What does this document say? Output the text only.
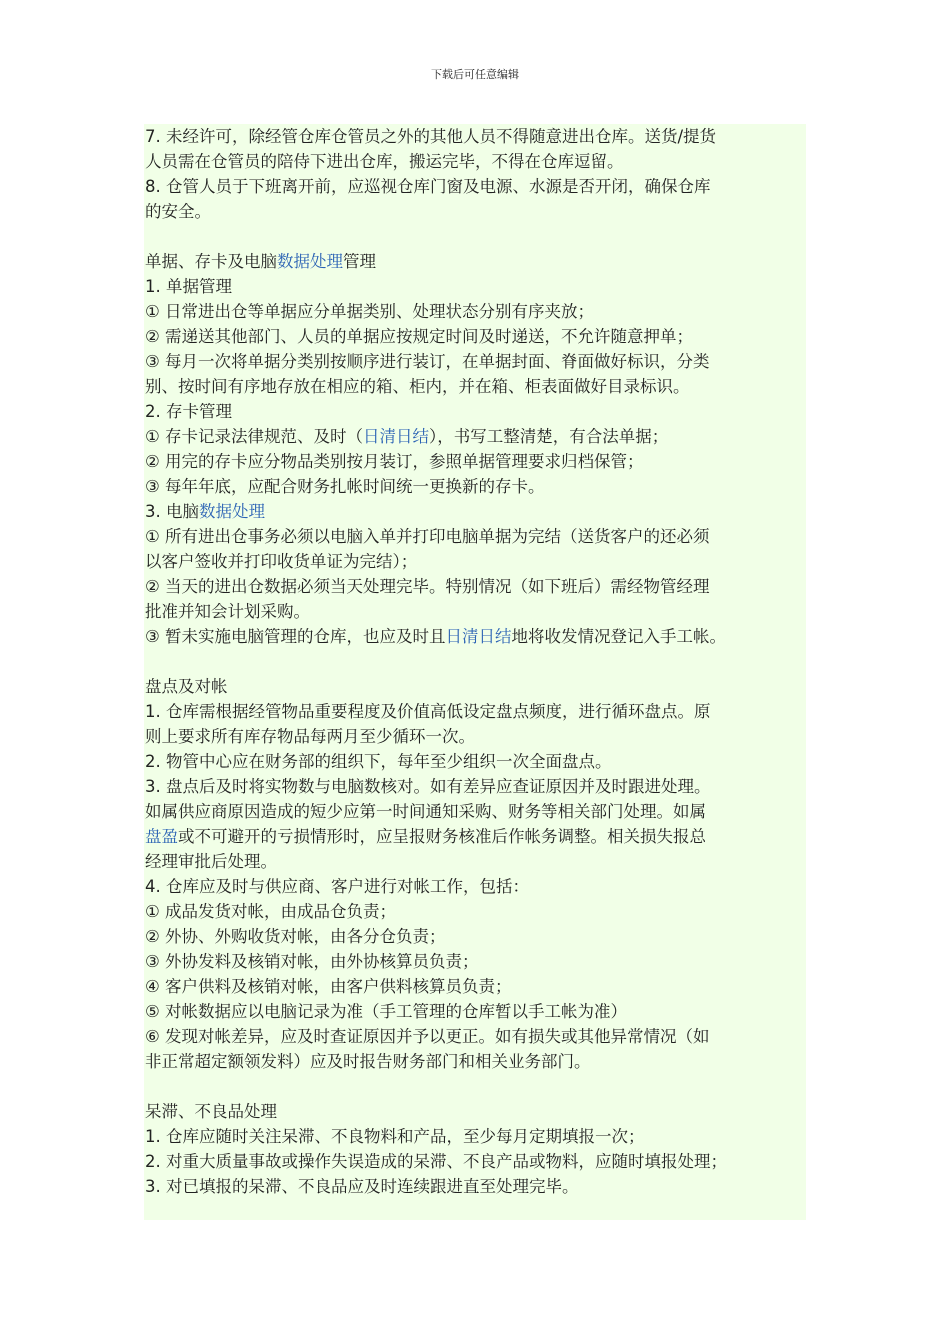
下载后可任意编辑
7. 未经许可，除经管仓库仓管员之外的其他人员不得随意进出仓库。送货/提货
人员需在仓管员的陪侍下进出仓库，搬运完毕，不得在仓库逗留。
8. 仓管人员于下班离开前，应巡视仓库门窗及电源、水源是否开闭，确保仓库
的安全。
单据、存卡及电脑数据处理管理
1. 单据管理
① 日常进出仓等单据应分单据类别、处理状态分别有序夹放；
② 需递送其他部门、人员的单据应按规定时间及时递送，不允许随意押单；
③ 每月一次将单据分类别按顺序进行装订，在单据封面、脊面做好标识，分类
别、按时间有序地存放在相应的箱、柜内，并在箱、柜表面做好目录标识。
2. 存卡管理
① 存卡记录法律规范、及时（日清日结），书写工整清楚，有合法单据；
② 用完的存卡应分物品类别按月装订，参照单据管理要求归档保管；
③ 每年年底，应配合财务扎帐时间统一更换新的存卡。
3. 电脑数据处理
① 所有进出仓事务必须以电脑入单并打印电脑单据为完结（送货客户的还必须
以客户签收并打印收货单证为完结）；
② 当天的进出仓数据必须当天处理完毕。特别情况（如下班后）需经物管经理
批准并知会计划采购。
③ 暂未实施电脑管理的仓库，也应及时且日清日结地将收发情况登记入手工帐。
盘点及对帐
1. 仓库需根据经管物品重要程度及价值高低设定盘点频度，进行循环盘点。原
则上要求所有库存物品每两月至少循环一次。
2. 物管中心应在财务部的组织下，每年至少组织一次全面盘点。
3. 盘点后及时将实物数与电脑数核对。如有差异应查证原因并及时跟进处理。
如属供应商原因造成的短少应第一时间通知采购、财务等相关部门处理。如属
盘盈或不可避开的亏损情形时，应呈报财务核准后作帐务调整。相关损失报总
经理审批后处理。
4. 仓库应及时与供应商、客户进行对帐工作，包括：
① 成品发货对帐，由成品仓负责；
② 外协、外购收货对帐，由各分仓负责；
③ 外协发料及核销对帐，由外协核算员负责；
④ 客户供料及核销对帐，由客户供料核算员负责；
⑤ 对帐数据应以电脑记录为准（手工管理的仓库暂以手工帐为准）
⑥ 发现对帐差异，应及时查证原因并予以更正。如有损失或其他异常情况（如
非正常超定额领发料）应及时报告财务部门和相关业务部门。
呆滞、不良品处理
1. 仓库应随时关注呆滞、不良物料和产品，至少每月定期填报一次；
2. 对重大质量事故或操作失误造成的呆滞、不良产品或物料，应随时填报处理；
3. 对已填报的呆滞、不良品应及时连续跟进直至处理完毕。
